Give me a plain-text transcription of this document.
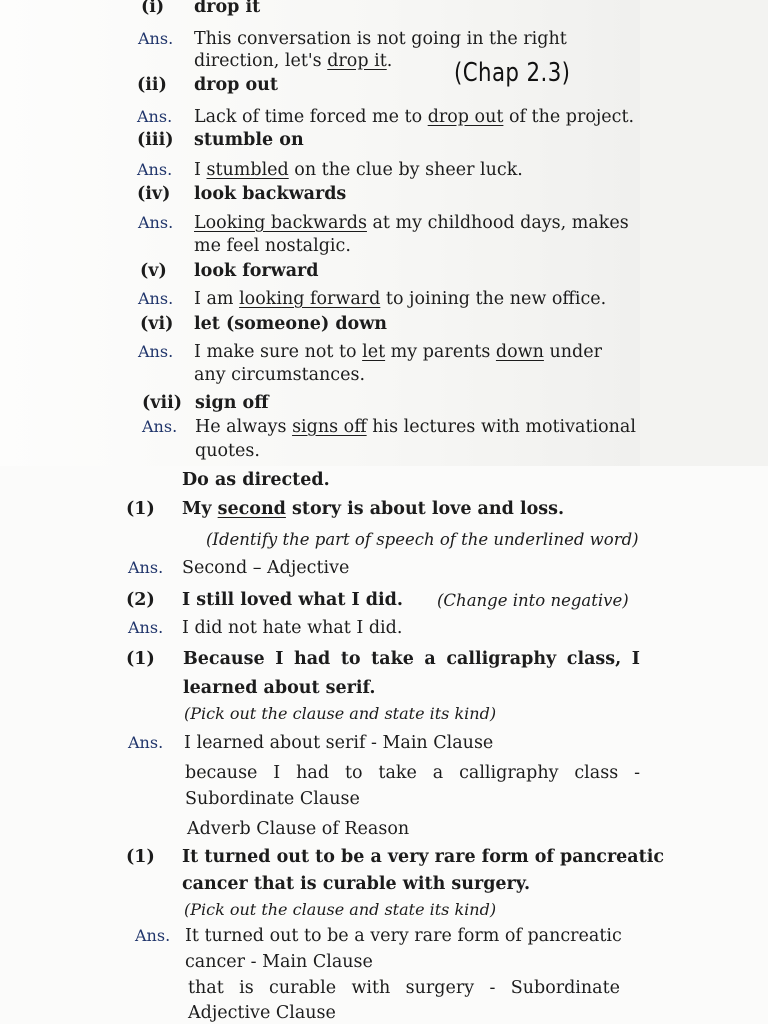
(i) drop it
Ans. This conversation is not going in the right
direction, let's drop it.
(ii) drop out
Ans. Lack of time forced me to drop out of the project.
(iii) stumble on
Ans. I stumbled on the clue by sheer luck.
(iv) look backwards
Ans. Looking backwards at my childhood days, makes
me feel nostalgic.
(v) look forward
Ans. I am looking forward to joining the new office.
(vi) let (someone) down
Ans. I make sure not to let my parents down under
any circumstances.
(vii) sign off
Ans. He always signs off his lectures with motivational
quotes.
(Chap 2.3)
Do as directed.
(1) My second story is about love and loss.
(Identify the part of speech of the underlined word)
Ans. Second – Adjective
(2) I still loved what I did. (Change into negative)
Ans. I did not hate what I did.
(1) Because I had to take a calligraphy class, I
learned about serif.
(Pick out the clause and state its kind)
Ans. I learned about serif - Main Clause
because I had to take a calligraphy class -
Subordinate Clause
Adverb Clause of Reason
(1) It turned out to be a very rare form of pancreatic
cancer that is curable with surgery.
(Pick out the clause and state its kind)
Ans. It turned out to be a very rare form of pancreatic
cancer - Main Clause
that is curable with surgery - Subordinate
Adjective Clause
